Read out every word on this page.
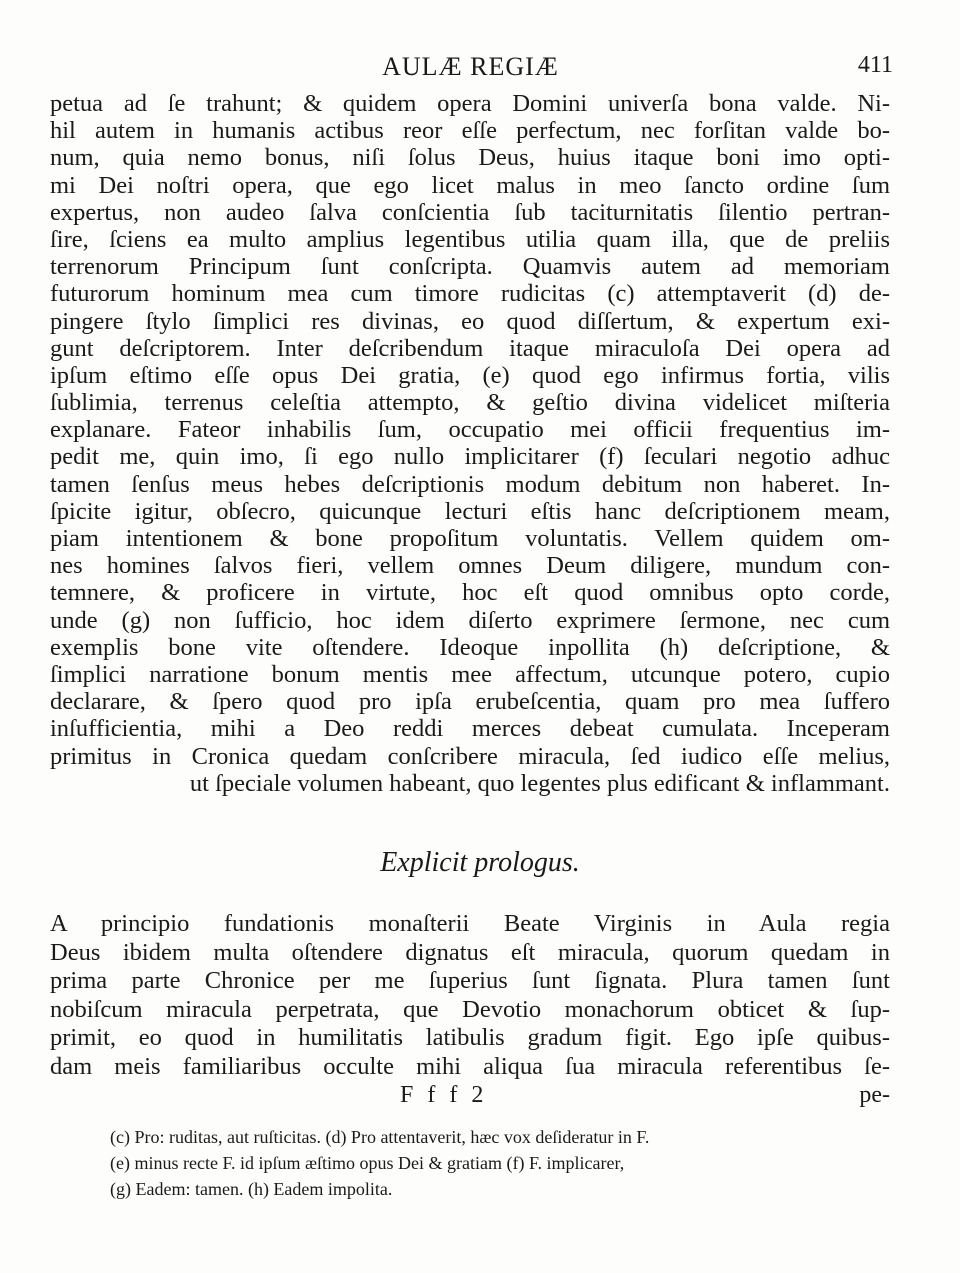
AULÆ REGIÆ	411
petua ad ſe trahunt; & quidem opera Domini univerſa bona valde. Ni-
hil autem in humanis actibus reor eſſe perfectum, nec forſitan valde bo-
num, quia nemo bonus, niſi ſolus Deus, huius itaque boni imo opti-
mi Dei noſtri opera, que ego licet malus in meo ſancto ordine ſum
expertus, non audeo ſalva conſcientia ſub taciturnitatis ſilentio pertran-
ſire, ſciens ea multo amplius legentibus utilia quam illa, que de preliis
terrenorum Principum ſunt conſcripta. Quamvis autem ad memoriam
futurorum hominum mea cum timore rudicitas (c) attemptaverit (d) de-
pingere ſtylo ſimplici res divinas, eo quod diſſertum, & expertum exi-
gunt deſcriptorem. Inter deſcribendum itaque miraculoſa Dei opera ad
ipſum eſtimo eſſe opus Dei gratia, (e) quod ego infirmus fortia, vilis
ſublimia, terrenus celeſtia attempto, & geſtio divina videlicet miſteria
explanare. Fateor inhabilis ſum, occupatio mei officii frequentius im-
pedit me, quin imo, ſi ego nullo implicitarer (f) ſeculari negotio adhuc
tamen ſenſus meus hebes deſcriptionis modum debitum non haberet. In-
ſpicite igitur, obſecro, quicunque lecturi eſtis hanc deſcriptionem meam,
piam intentionem & bone propoſitum voluntatis. Vellem quidem om-
nes homines ſalvos fieri, vellem omnes Deum diligere, mundum con-
temnere, & proficere in virtute, hoc eſt quod omnibus opto corde,
unde (g) non ſufficio, hoc idem diſerto exprimere ſermone, nec cum
exemplis bone vite oſtendere. Ideoque inpollita (h) deſcriptione, &
ſimplici narratione bonum mentis mee affectum, utcunque potero, cupio
declarare, & ſpero quod pro ipſa erubeſcentia, quam pro mea ſuffero
inſufficientia, mihi a Deo reddi merces debeat cumulata. Inceperam
primitus in Cronica quedam conſcribere miracula, ſed iudico eſſe melius,
ut ſpeciale volumen habeant, quo legentes plus edificant & inflammant.
Explicit prologus.
A principio fundationis monaſterii Beate Virginis in Aula regia
Deus ibidem multa oſtendere dignatus eſt miracula, quorum quedam in
prima parte Chronice per me ſuperius ſunt ſignata. Plura tamen ſunt
nobiſcum miracula perpetrata, que Devotio monachorum obticet & ſup-
primit, eo quod in humilitatis latibulis gradum figit. Ego ipſe quibus-
dam meis familiaribus occulte mihi aliqua ſua miracula referentibus ſe-
F f f 2	pe-
(c) Pro: ruditas, aut ruſticitas. (d) Pro attentaverit, hæc vox deſideratur in F.
(e) minus recte F. id ipſum æſtimo opus Dei & gratiam (f) F. implicarer,
(g) Eadem: tamen. (h) Eadem impolita.
